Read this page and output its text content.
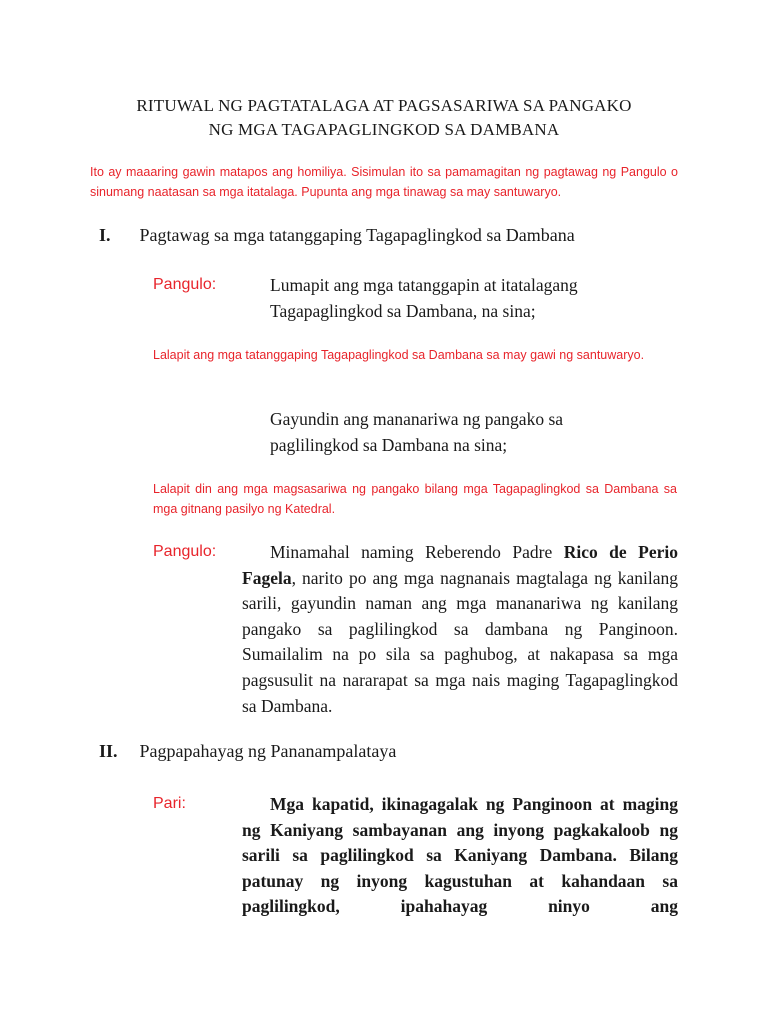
RITUWAL NG PAGTATALAGA AT PAGSASARIWA SA PANGAKO
NG MGA TAGAPAGLINGKOD SA DAMBANA
Ito ay maaaring gawin matapos ang homiliya. Sisimulan ito sa pamamagitan ng pagtawag ng Pangulo o sinumang naatasan sa mga itatalaga. Pupunta ang mga tinawag sa may santuwaryo.
I. Pagtawag sa mga tatanggaping Tagapaglingkod sa Dambana
Pangulo:	Lumapit ang mga tatanggapin at itatalagang Tagapaglingkod sa Dambana, na sina;
Lalapit ang mga tatanggaping Tagapaglingkod sa Dambana sa may gawi ng santuwaryo.
Gayundin ang mananariwa ng pangako sa paglilingkod sa Dambana na sina;
Lalapit din ang mga magsasariwa ng pangako bilang mga Tagapaglingkod sa Dambana sa mga gitnang pasilyo ng Katedral.
Pangulo:	Minamahal naming Reberendo Padre Rico de Perio Fagela, narito po ang mga nagnanais magtalaga ng kanilang sarili, gayundin naman ang mga mananariwa ng kanilang pangako sa paglilingkod sa dambana ng Panginoon. Sumailalim na po sila sa paghubog, at nakapasa sa mga pagsusulit na nararapat sa mga nais maging Tagapaglingkod sa Dambana.
II. Pagpapahayag ng Pananampalataya
Pari:	Mga kapatid, ikinagagalak ng Panginoon at maging ng Kaniyang sambayanan ang inyong pagkakaloob ng sarili sa paglilingkod sa Kaniyang Dambana. Bilang patunay ng inyong kagustuhan at kahandaan sa paglilingkod, ipahahayag ninyo ang
